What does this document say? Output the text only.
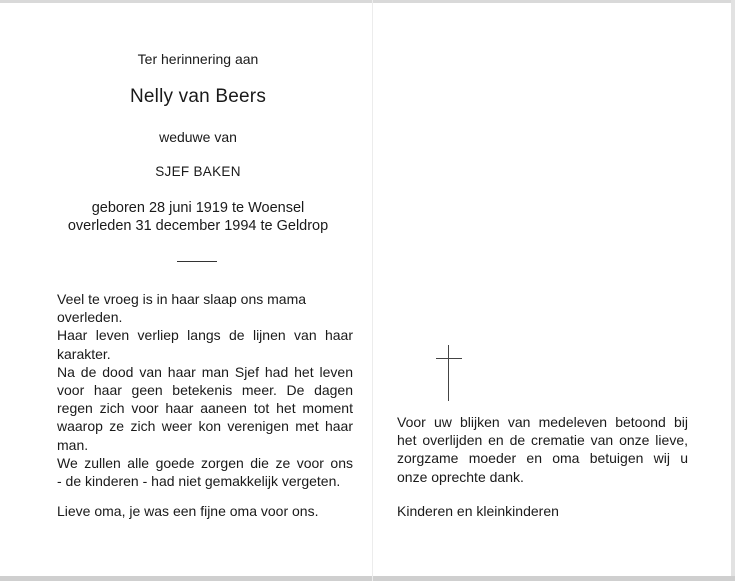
Ter herinnering aan
Nelly van Beers
weduwe van
SJEF BAKEN
geboren 28 juni 1919 te Woensel
overleden 31 december 1994 te Geldrop
Veel te vroeg is in haar slaap ons mama
overleden.
Haar leven verliep langs de lijnen van haar
karakter.
Na de dood van haar man Sjef had het leven
voor haar geen betekenis meer. De dagen
regen zich voor haar aaneen tot het moment
waarop ze zich weer kon verenigen met haar
man.
We zullen alle goede zorgen die ze voor ons
- de kinderen - had niet gemakkelijk vergeten.
Lieve oma, je was een fijne oma voor ons.
Voor uw blijken van medeleven betoond bij
het overlijden en de crematie van onze lieve,
zorgzame moeder en oma betuigen wij u
onze oprechte dank.
Kinderen en kleinkinderen
